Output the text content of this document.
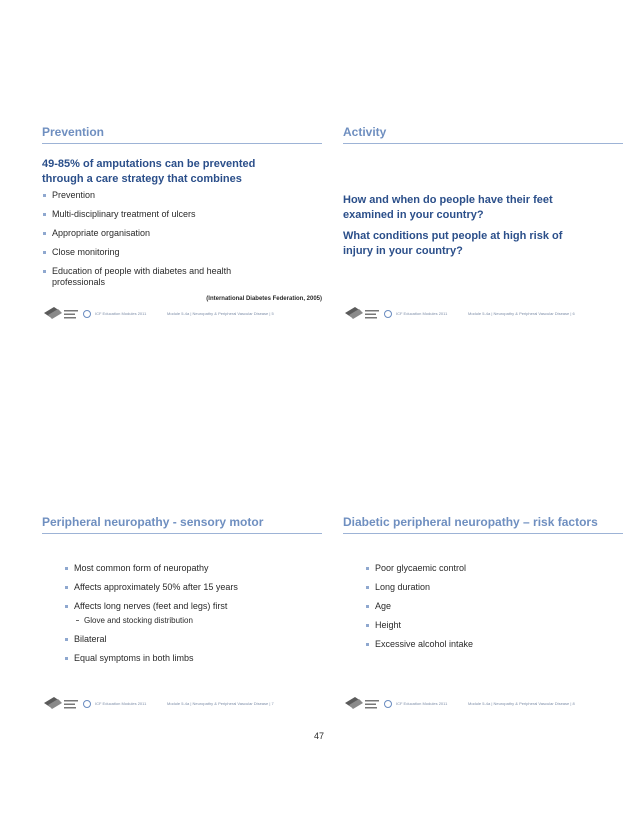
Prevention
49-85% of amputations can be prevented through a care strategy that combines
Prevention
Multi-disciplinary treatment of ulcers
Appropriate organisation
Close monitoring
Education of people with diabetes and health professionals
(International Diabetes Federation, 2005)
ICF Education Modules 2011	Module 5-4a | Neuropathy & Peripheral Vascular Disease | 5
Activity
How and when do people have their feet examined in your country?
What conditions put people at high risk of injury in your country?
ICF Education Modules 2011	Module 5-4a | Neuropathy & Peripheral Vascular Disease | 6
Peripheral neuropathy - sensory motor
Most common form of neuropathy
Affects approximately 50% after 15 years
Affects long nerves (feet and legs) first
Glove and stocking distribution
Bilateral
Equal symptoms in both limbs
ICF Education Modules 2011	Module 5-4a | Neuropathy & Peripheral Vascular Disease | 7
Diabetic peripheral neuropathy – risk factors
Poor glycaemic control
Long duration
Age
Height
Excessive alcohol intake
ICF Education Modules 2011	Module 5-4a | Neuropathy & Peripheral Vascular Disease | 8
47
